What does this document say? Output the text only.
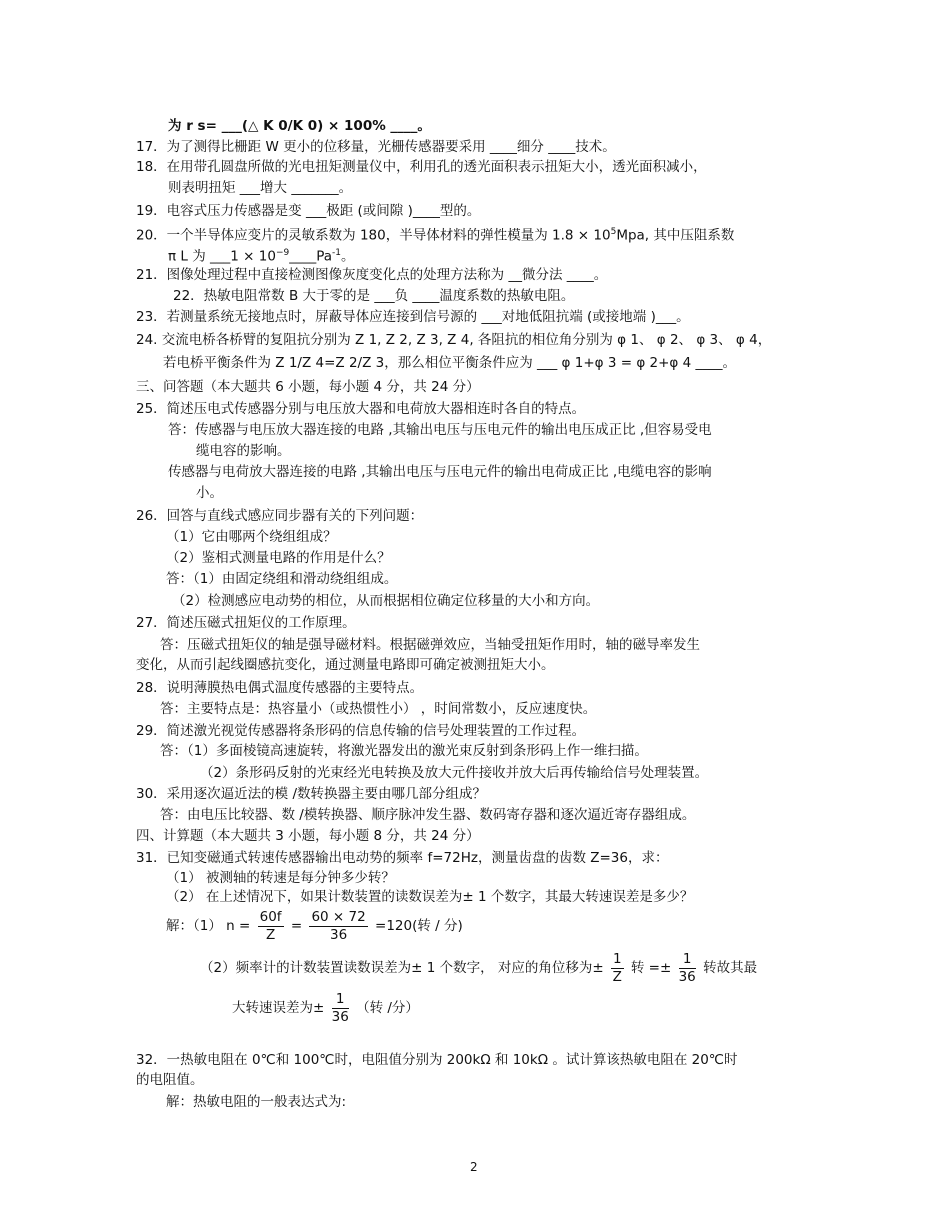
为 r s= ___(△ K 0/K 0) × 100% ____。
17．为了测得比栅距 W 更小的位移量，光栅传感器要采用 ____细分 ____技术。
18．在用带孔圆盘所做的光电扭矩测量仪中，利用孔的透光面积表示扭矩大小，透光面积减小，
则表明扭矩 ___增大 _______。
19．电容式压力传感器是变 ___极距 (或间隙 )____型的。
20．一个半导体应变片的灵敏系数为 180，半导体材料的弹性模量为 $1.8 \times 10^5Mpa$, 其中压阻系数
π L 为 ___1 × $10^{-9}\_\_\_\_Pa^{-1}$。
21．图像处理过程中直接检测图像灰度变化点的处理方法称为 __微分法 ____。
22．热敏电阻常数 B 大于零的是 ___负 ____温度系数的热敏电阻。
23．若测量系统无接地点时，屏蔽导体应连接到信号源的 ___对地低阻抗端 (或接地端 )___。
24. 交流电桥各桥臂的复阻抗分别为 Z 1, Z 2, Z 3, Z 4, 各阻抗的相位角分别为 φ 1、 φ 2、 φ 3、 φ 4，
若电桥平衡条件为 Z 1/Z 4=Z 2/Z 3，那么相位平衡条件应为 ___ φ 1+φ 3 = φ 2+φ 4 ____。
三、问答题（本大题共 6 小题，每小题 4 分，共 24 分）
25．简述压电式传感器分别与电压放大器和电荷放大器相连时各自的特点。
答：传感器与电压放大器连接的电路 ,其输出电压与压电元件的输出电压成正比 ,但容易受电
缆电容的影响。
传感器与电荷放大器连接的电路 ,其输出电压与压电元件的输出电荷成正比 ,电缆电容的影响
小。
26．回答与直线式感应同步器有关的下列问题：
（1）它由哪两个绕组组成？
（2）鉴相式测量电路的作用是什么？
答：（1）由固定绕组和滑动绕组组成。
（2）检测感应电动势的相位，从而根据相位确定位移量的大小和方向。
27．简述压磁式扭矩仪的工作原理。
答：压磁式扭矩仪的轴是强导磁材料。根据磁弹效应，当轴受扭矩作用时，轴的磁导率发生
变化，从而引起线圈感抗变化，通过测量电路即可确定被测扭矩大小。
28．说明薄膜热电偶式温度传感器的主要特点。
答：主要特点是：热容量小（或热惯性小） ，时间常数小，反应速度快。
29．简述激光视觉传感器将条形码的信息传输的信号处理装置的工作过程。
答：（1）多面棱镜高速旋转，将激光器发出的激光束反射到条形码上作一维扫描。
（2）条形码反射的光束经光电转换及放大元件接收并放大后再传输给信号处理装置。
30．采用逐次逼近法的模 /数转换器主要由哪几部分组成？
答：由电压比较器、数 /模转换器、顺序脉冲发生器、数码寄存器和逐次逼近寄存器组成。
四、计算题（本大题共 3 小题，每小题 8 分，共 24 分）
31．已知变磁通式转速传感器输出电动势的频率 f=72Hz，测量齿盘的齿数 Z=36，求：
（1） 被测轴的转速是每分钟多少转？
（2） 在上述情况下，如果计数装置的读数误差为± 1 个数字，其最大转速误差是多少？
解：（1） $n = \frac{60f}{Z} = \frac{60 \times 72}{36} =120$(转 / 分)
（2）频率计的计数装置读数误差为± 1 个数字， 对应的角位移为± $\frac{1}{Z}$ 转 =± $\frac{1}{36}$ 转故其最
大转速误差为± $\frac{1}{36}$ （转 /分）
32．一热敏电阻在 0℃和 100℃时，电阻值分别为 200kΩ 和 10kΩ 。试计算该热敏电阻在 20℃时
的电阻值。
解：热敏电阻的一般表达式为:
2
